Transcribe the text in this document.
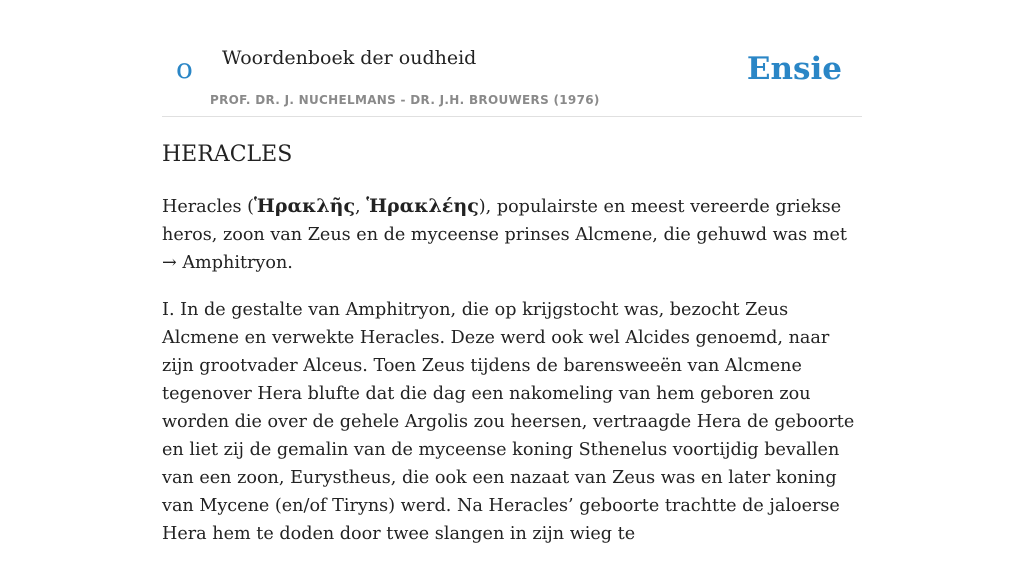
o Woordenboek der oudheid
PROF. DR. J. NUCHELMANS - DR. J.H. BROUWERS (1976)
Ensie
HERACLES

Heracles (Ἡρακλῆς, Ἡρακλέης), populairste en meest vereerde griekse heros, zoon van Zeus en de myceense prinses Alcmene, die gehuwd was met → Amphitryon.

I. In de gestalte van Amphitryon, die op krijgstocht was, bezocht Zeus Alcmene en verwekte Heracles. Deze werd ook wel Alcides genoemd, naar zijn grootvader Alceus. Toen Zeus tijdens de barensweeën van Alcmene tegenover Hera blufte dat die dag een nakomeling van hem geboren zou worden die over de gehele Argolis zou heersen, vertraagde Hera de geboorte en liet zij de gemalin van de myceense koning Sthenelus voortijdig bevallen van een zoon, Eurystheus, die ook een nazaat van Zeus was en later koning van Mycene (en/of Tiryns) werd. Na Heracles’ geboorte trachtte de jaloerse Hera hem te doden door twee slangen in zijn wieg te
